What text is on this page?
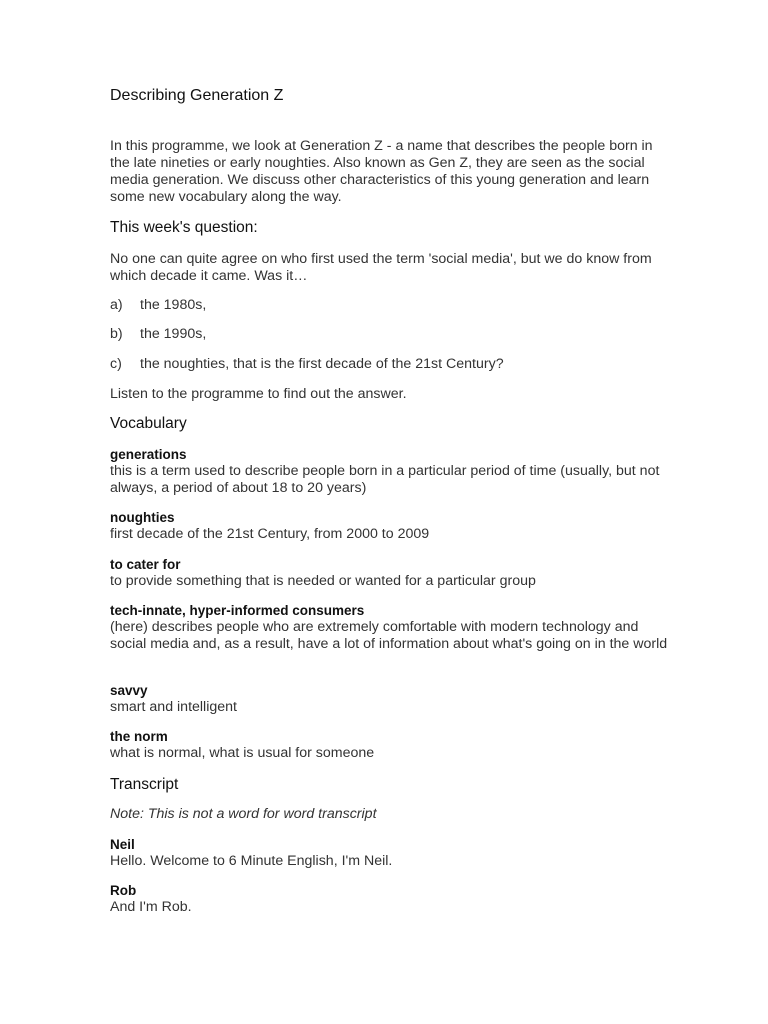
Describing Generation Z
In this programme, we look at Generation Z - a name that describes the people born in the late nineties or early noughties. Also known as Gen Z, they are seen as the social media generation. We discuss other characteristics of this young generation and learn some new vocabulary along the way.
This week's question:
No one can quite agree on who first used the term 'social media', but we do know from which decade it came. Was it…
a) the 1980s,
b) the 1990s,
c) the noughties, that is the first decade of the 21st Century?
Listen to the programme to find out the answer.
Vocabulary
generations
this is a term used to describe people born in a particular period of time (usually, but not always, a period of about 18 to 20 years)
noughties
first decade of the 21st Century, from 2000 to 2009
to cater for
to provide something that is needed or wanted for a particular group
tech-innate, hyper-informed consumers
(here) describes people who are extremely comfortable with modern technology and social media and, as a result, have a lot of information about what's going on in the world
savvy
smart and intelligent
the norm
what is normal, what is usual for someone
Transcript
Note: This is not a word for word transcript
Neil
Hello. Welcome to 6 Minute English, I'm Neil.
Rob
And I'm Rob.
